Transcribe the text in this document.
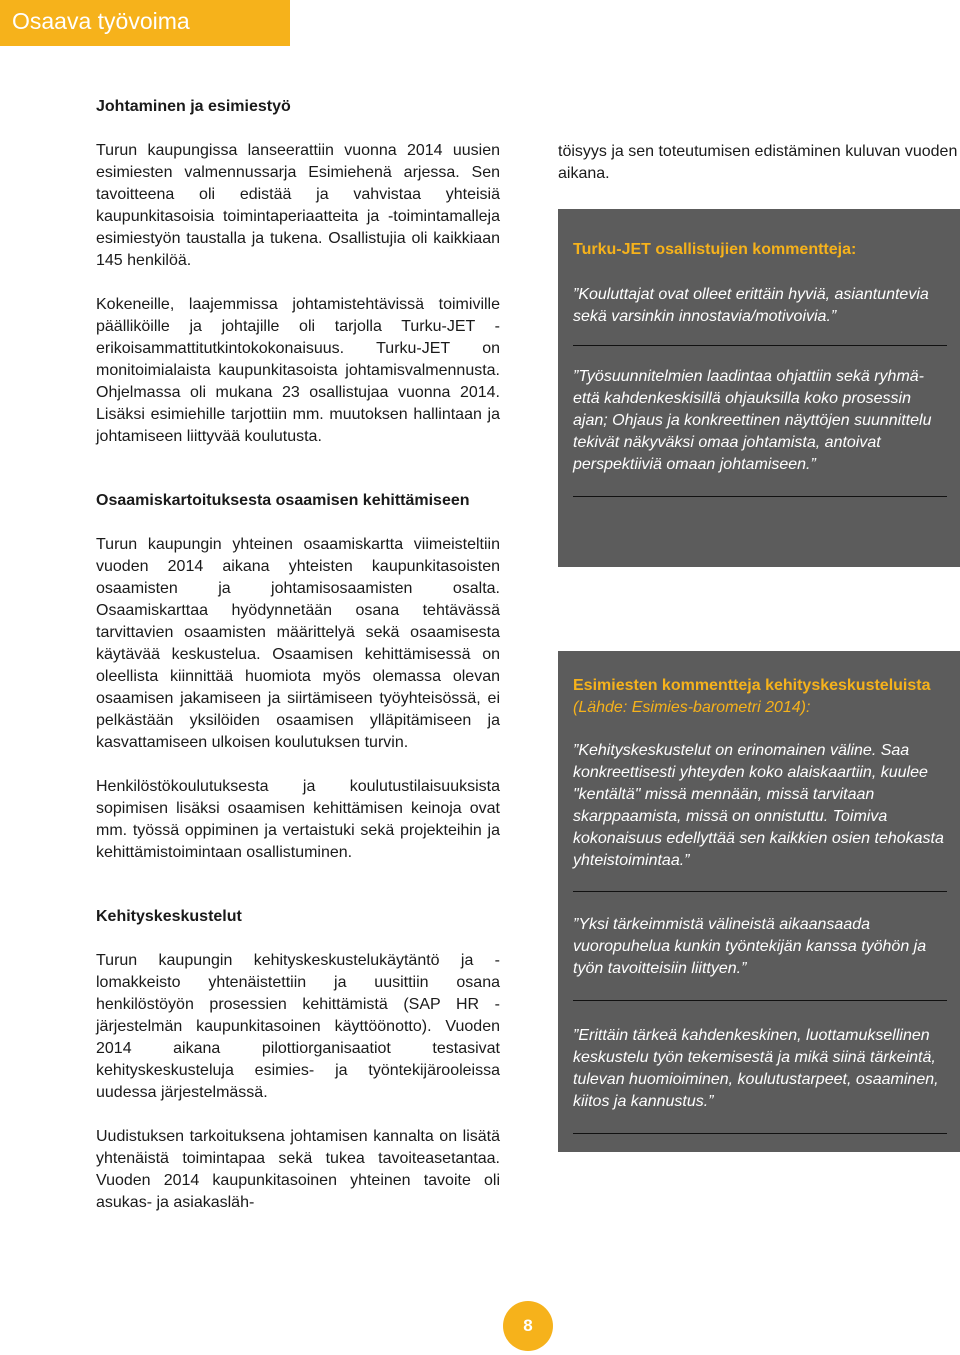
Osaava työvoima
Johtaminen ja esimiestyö

Turun kaupungissa lanseerattiin vuonna 2014 uusien esimiesten valmennussarja Esimiehenä arjessa. Sen tavoitteena oli edistää ja vahvistaa yhteisiä kaupunkitasoisia toimintaperiaatteita ja -toimintamalleja esimiestyön taustalla ja tukena. Osallistujia oli kaikkiaan 145 henkilöä.

Kokeneille, laajemmissa johtamistehtävissä toimiville päälliköille ja johtajille oli tarjolla Turku-JET -erikoisammattitutkintokokonaisuus. Turku-JET on monitoimialaista kaupunkitasoista johtamisvalmennusta. Ohjelmassa oli mukana 23 osallistujaa vuonna 2014. Lisäksi esimiehille tarjottiin mm. muutoksen hallintaan ja johtamiseen liittyvää koulutusta.

Osaamiskartoituksesta osaamisen kehittämiseen

Turun kaupungin yhteinen osaamiskartta viimeisteltiin vuoden 2014 aikana yhteisten kaupunkitasoisten osaamisten ja johtamisosaamisten osalta. Osaamiskarttaa hyödynnetään osana tehtävässä tarvittavien osaamisten määrittelyä sekä osaamisesta käytävää keskustelua. Osaamisen kehittämisessä on oleellista kiinnittää huomiota myös olemassa olevan osaamisen jakamiseen ja siirtämiseen työyhteisössä, ei pelkästään yksilöiden osaamisen ylläpitämiseen ja kasvattamiseen ulkoisen koulutuksen turvin.

Henkilöstökoulutuksesta ja koulutustilaisuuksista sopimisen lisäksi osaamisen kehittämisen keinoja ovat mm. työssä oppiminen ja vertaistuki sekä projekteihin ja kehittämistoimintaan osallistuminen.

Kehityskeskustelut

Turun kaupungin kehityskeskustelukäytäntö ja -lomakkeisto yhtenäistettiin ja uusittiin osana henkilöstöyön prosessien kehittämistä (SAP HR -järjestelmän kaupunkitasoinen käyttöönotto). Vuoden 2014 aikana pilottiorganisaatiot testasivat kehityskeskusteluja esimies- ja työntekijärooleissa uudessa järjestelmässä.

Uudistuksen tarkoituksena johtamisen kannalta on lisätä yhtenäistä toimintapaa sekä tukea tavoiteasetantaa. Vuoden 2014 kaupunkitasoinen yhteinen tavoite oli asukas- ja asiakasläh-

töisyys ja sen toteutumisen edistäminen kuluvan vuoden aikana.
Turku-JET osallistujien kommentteja:
”Kouluttajat ovat olleet erittäin hyviä, asiantuntevia sekä varsinkin innostavia/motivoivia.”
”Työsuunnitelmien laadintaa ohjattiin sekä ryhmä- että kahdenkeskisillä ohjauksilla koko prosessin ajan; Ohjaus ja konkreettinen näyttöjen suunnittelu tekivät näkyväksi omaa johtamista, antoivat perspektiiviä omaan johtamiseen.”
Esimiesten kommentteja kehityskeskusteluista (Lähde: Esimies-barometri 2014):
”Kehityskeskustelut on erinomainen väline. Saa konkreettisesti yhteyden koko alaiskaartiin, kuulee "kentältä" missä mennään, missä tarvitaan skarppaamista, missä on onnistuttu. Toimiva kokonaisuus edellyttää sen kaikkien osien tehokasta yhteistoimintaa.”
”Yksi tärkeimmistä välineistä aikaansaada vuoropuhelua kunkin työntekijän kanssa työhön ja työn tavoitteisiin liittyen.”
”Erittäin tärkeä kahdenkeskinen, luottamuksellinen keskustelu työn tekemisestä ja mikä siinä tärkeintä, tulevan huomioiminen, koulutustarpeet, osaaminen, kiitos ja kannustus.”
8
